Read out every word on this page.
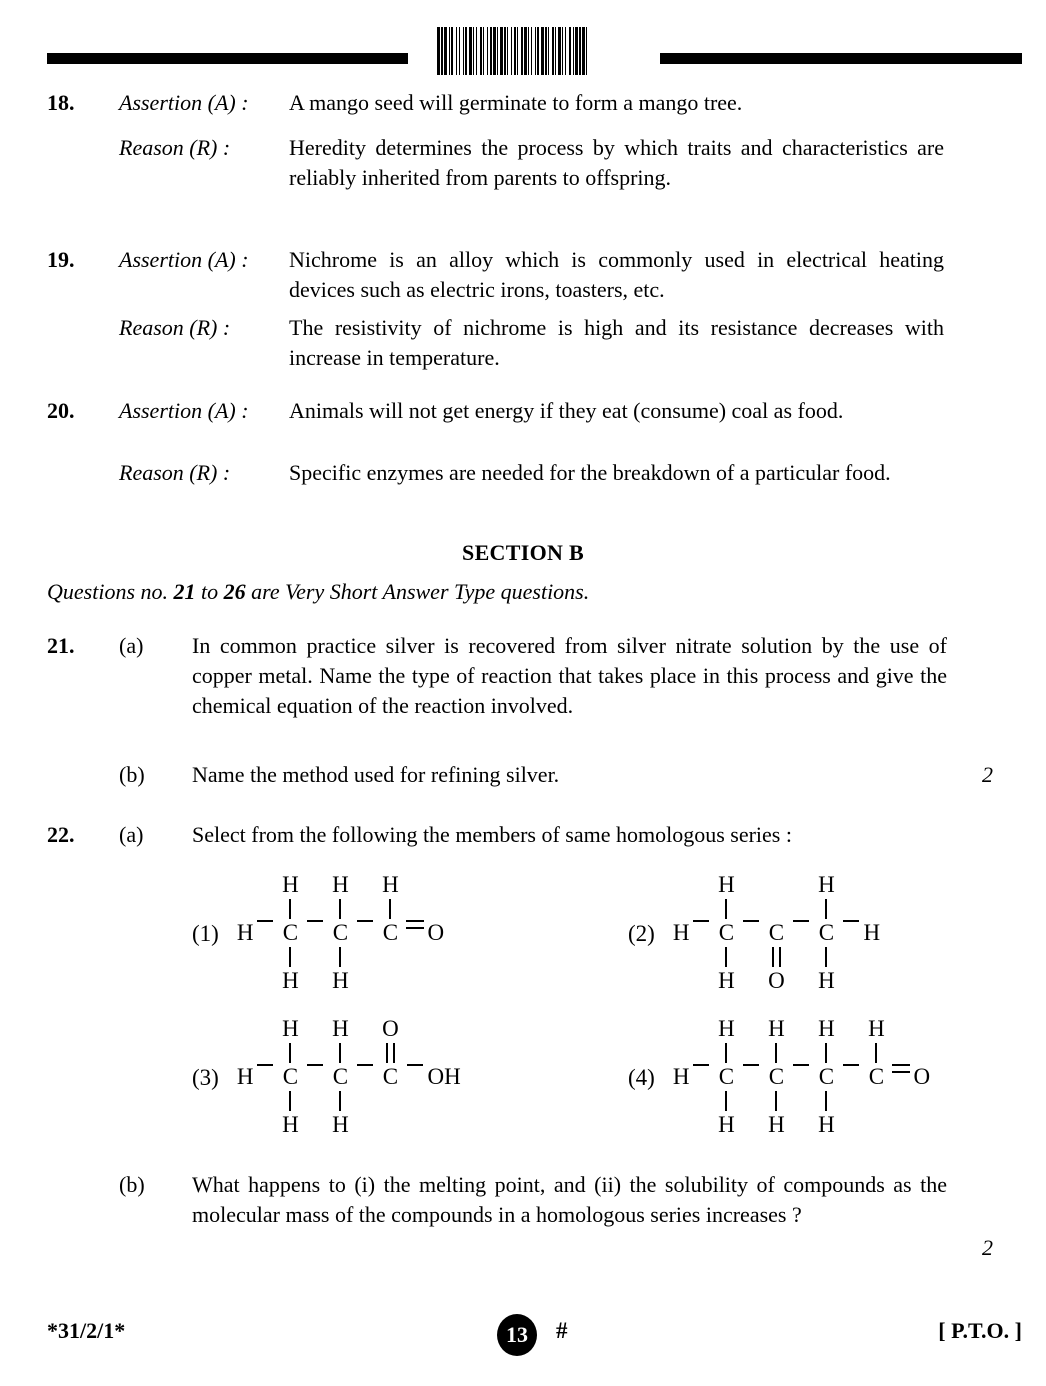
18.	Assertion (A) :	A mango seed will germinate to form a mango tree.
Reason (R) :	Heredity determines the process by which traits and characteristics are reliably inherited from parents to offspring.
19.	Assertion (A) :	Nichrome is an alloy which is commonly used in electrical heating devices such as electric irons, toasters, etc.
Reason (R) :	The resistivity of nichrome is high and its resistance decreases with increase in temperature.
20.	Assertion (A) :	Animals will not get energy if they eat (consume) coal as food.
Reason (R) :	Specific enzymes are needed for the breakdown of a particular food.
SECTION B
Questions no. 21 to 26 are Very Short Answer Type questions.
21.	(a)	In common practice silver is recovered from silver nitrate solution by the use of copper metal. Name the type of reaction that takes place in this process and give the chemical equation of the reaction involved.
(b)	Name the method used for refining silver.	2
22.	(a)	Select from the following the members of same homologous series :
(1) H
H
C
H
H
C
H
H
C O	(2) H
H
C
H
C
O
H
C
H
H
(3) H
H
C
H
H
C
H
O
C OH	(4) H
H
C
H
H
C
H
H
C
H
H
C O
(b)	What happens to (i) the melting point, and (ii) the solubility of compounds as the molecular mass of the compounds in a homologous series increases ?
2
*31/2/1*	13	#	[ P.T.O. ]
